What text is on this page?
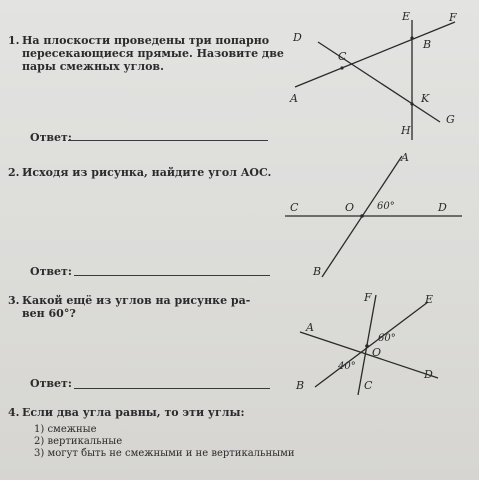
1. На плоскости проведены три попарно
пересекающиеся прямые. Назовите две
пары смежных углов.
Ответ:
2. Исходя из рисунка, найдите угол AOC.
Ответ:
3. Какой ещё из углов на рисунке ра-
вен 60°?
Ответ:
4. Если два угла равны, то эти углы:
1) смежные
2) вертикальные
3) могут быть не смежными и не вертикальными
E	F
D
B
C
A	K
G
H
A
C	O 60°	D
B
F	E
A
60°
O
40°
D
B	C
